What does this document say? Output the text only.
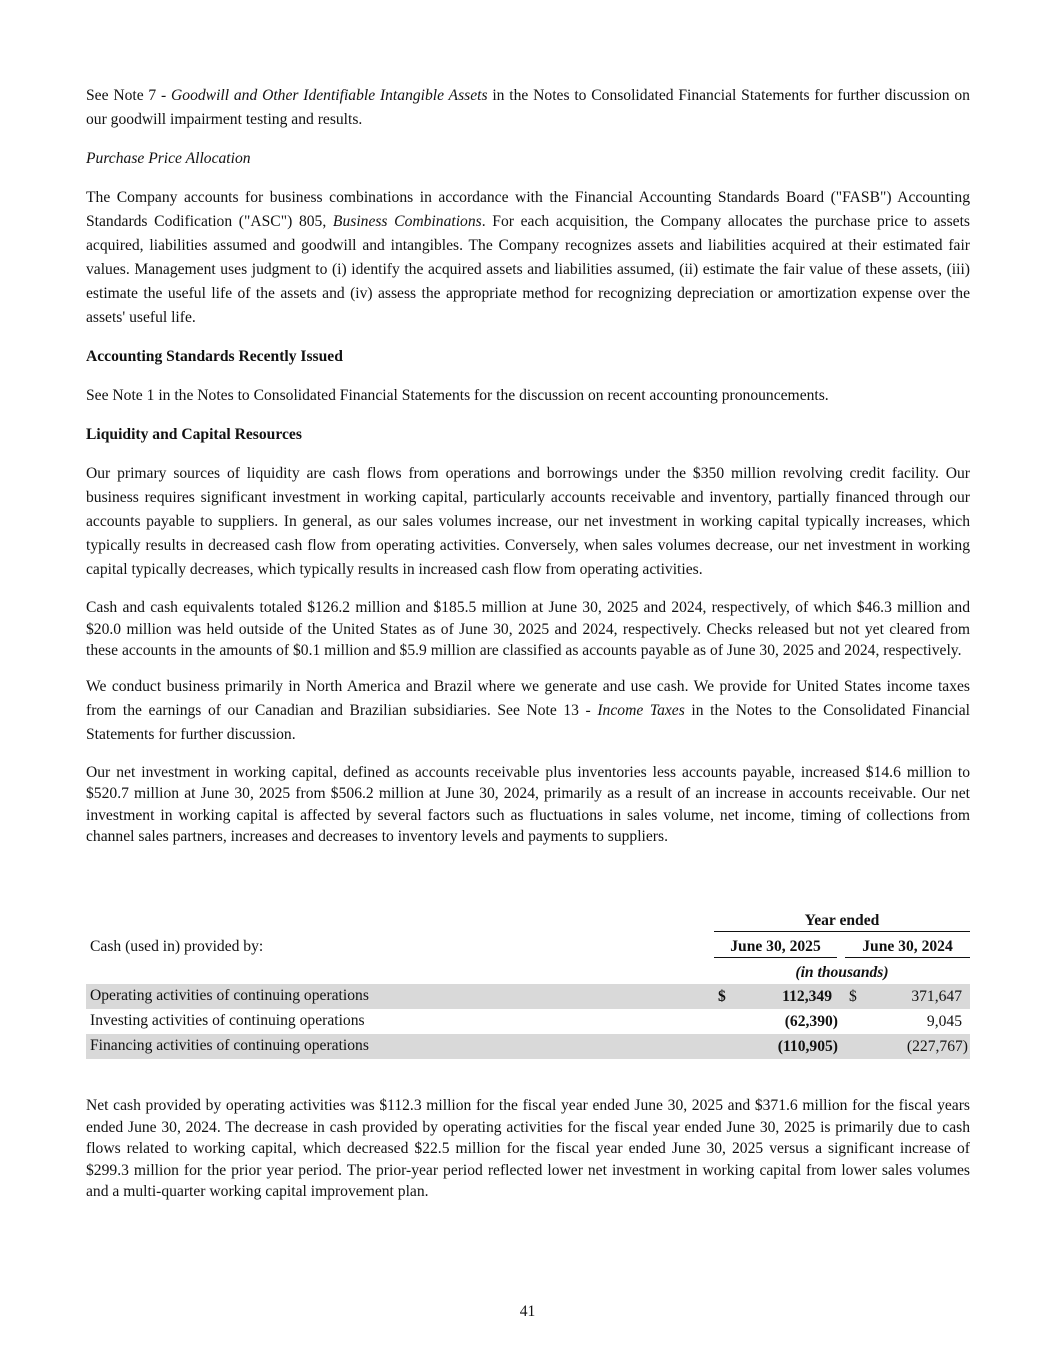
See Note 7 - Goodwill and Other Identifiable Intangible Assets in the Notes to Consolidated Financial Statements for further discussion on our goodwill impairment testing and results.

Purchase Price Allocation

The Company accounts for business combinations in accordance with the Financial Accounting Standards Board ("FASB") Accounting Standards Codification ("ASC") 805, Business Combinations. For each acquisition, the Company allocates the purchase price to assets acquired, liabilities assumed and goodwill and intangibles. The Company recognizes assets and liabilities acquired at their estimated fair values. Management uses judgment to (i) identify the acquired assets and liabilities assumed, (ii) estimate the fair value of these assets, (iii) estimate the useful life of the assets and (iv) assess the appropriate method for recognizing depreciation or amortization expense over the assets' useful life.

Accounting Standards Recently Issued

See Note 1 in the Notes to Consolidated Financial Statements for the discussion on recent accounting pronouncements.

Liquidity and Capital Resources

Our primary sources of liquidity are cash flows from operations and borrowings under the $350 million revolving credit facility. Our business requires significant investment in working capital, particularly accounts receivable and inventory, partially financed through our accounts payable to suppliers. In general, as our sales volumes increase, our net investment in working capital typically increases, which typically results in decreased cash flow from operating activities. Conversely, when sales volumes decrease, our net investment in working capital typically decreases, which typically results in increased cash flow from operating activities.

Cash and cash equivalents totaled $126.2 million and $185.5 million at June 30, 2025 and 2024, respectively, of which $46.3 million and $20.0 million was held outside of the United States as of June 30, 2025 and 2024, respectively. Checks released but not yet cleared from these accounts in the amounts of $0.1 million and $5.9 million are classified as accounts payable as of June 30, 2025 and 2024, respectively.

We conduct business primarily in North America and Brazil where we generate and use cash. We provide for United States income taxes from the earnings of our Canadian and Brazilian subsidiaries. See Note 13 - Income Taxes in the Notes to the Consolidated Financial Statements for further discussion.

Our net investment in working capital, defined as accounts receivable plus inventories less accounts payable, increased $14.6 million to $520.7 million at June 30, 2025 from $506.2 million at June 30, 2024, primarily as a result of an increase in accounts receivable. Our net investment in working capital is affected by several factors such as fluctuations in sales volume, net income, timing of collections from channel sales partners, increases and decreases to inventory levels and payments to suppliers.

Year ended
Cash (used in) provided by:	June 30, 2025	June 30, 2024
(in thousands)
Operating activities of continuing operations	$	112,349	$	371,647
Investing activities of continuing operations	(62,390)	9,045
Financing activities of continuing operations	(110,905)	(227,767)

Net cash provided by operating activities was $112.3 million for the fiscal year ended June 30, 2025 and $371.6 million for the fiscal years ended June 30, 2024. The decrease in cash provided by operating activities for the fiscal year ended June 30, 2025 is primarily due to cash flows related to working capital, which decreased $22.5 million for the fiscal year ended June 30, 2025 versus a significant increase of $299.3 million for the prior year period. The prior-year period reflected lower net investment in working capital from lower sales volumes and a multi-quarter working capital improvement plan.

41
